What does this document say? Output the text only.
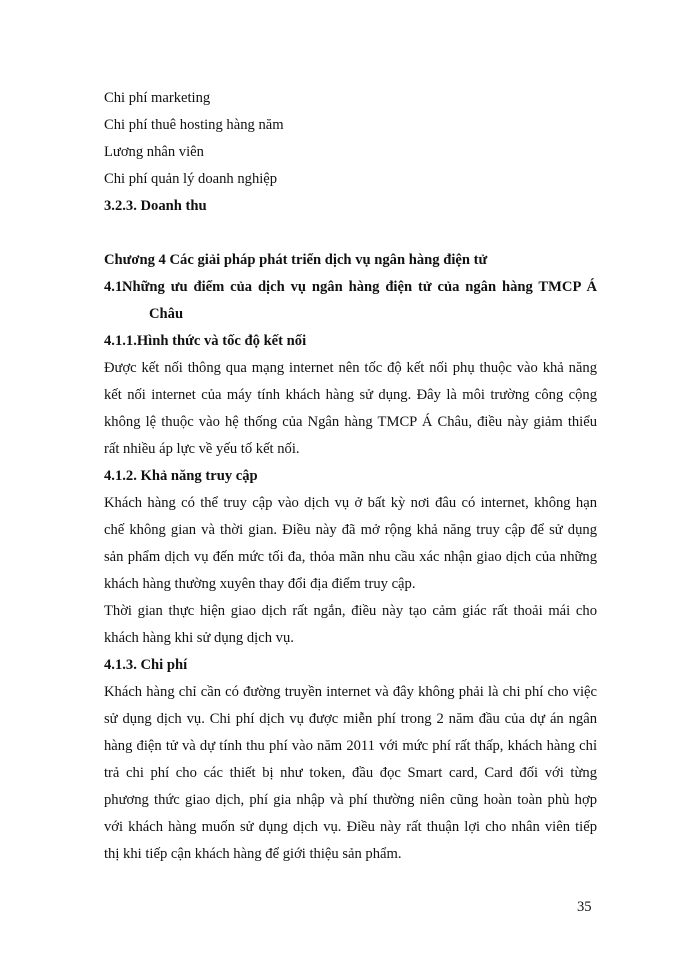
Chi phí marketing
Chi phí thuê hosting hàng năm
Lương nhân viên
Chi phí quản lý doanh nghiệp
3.2.3. Doanh thu
Chương 4 Các giải pháp phát triển dịch vụ ngân hàng điện tử
4.1.
Những ưu điểm của dịch vụ ngân hàng điện tử của ngân hàng TMCP Á
Châu
4.1.1.Hình thức và tốc độ kết nối
Được kết nối thông qua mạng internet nên tốc độ kết nối phụ thuộc vào khả năng
kết nối internet của máy tính khách hàng sử dụng. Đây là môi trường công cộng
không lệ thuộc vào hệ thống của Ngân hàng TMCP Á Châu, điều này giảm thiểu
rất nhiều áp lực về yếu tố kết nối.
4.1.2. Khả năng truy cập
Khách hàng có thể truy cập vào dịch vụ ở bất kỳ nơi đâu có internet, không hạn
chế không gian và thời gian. Điều này đã mở rộng khả năng truy cập để sử dụng
sản phẩm dịch vụ đến mức tối đa, thỏa mãn nhu cầu xác nhận giao dịch của những
khách hàng thường xuyên thay đổi địa điểm truy cập.
Thời gian thực hiện giao dịch rất ngắn, điều này tạo cảm giác rất thoải mái cho
khách hàng khi sử dụng dịch vụ.
4.1.3. Chi phí
Khách hàng chỉ cần có đường truyền internet và đây không phải là chi phí cho việc
sử dụng dịch vụ. Chi phí dịch vụ được miễn phí trong 2 năm đầu của dự án ngân
hàng điện tử và dự tính thu phí vào năm 2011 với mức phí rất thấp, khách hàng chỉ
trả chi phí cho các thiết bị như token, đầu đọc Smart card, Card đối với từng
phương thức giao dịch, phí gia nhập và phí thường niên cũng hoàn toàn phù hợp
với khách hàng muốn sử dụng dịch vụ. Điều này rất thuận lợi cho nhân viên tiếp
thị khi tiếp cận khách hàng để giới thiệu sản phẩm.
35
